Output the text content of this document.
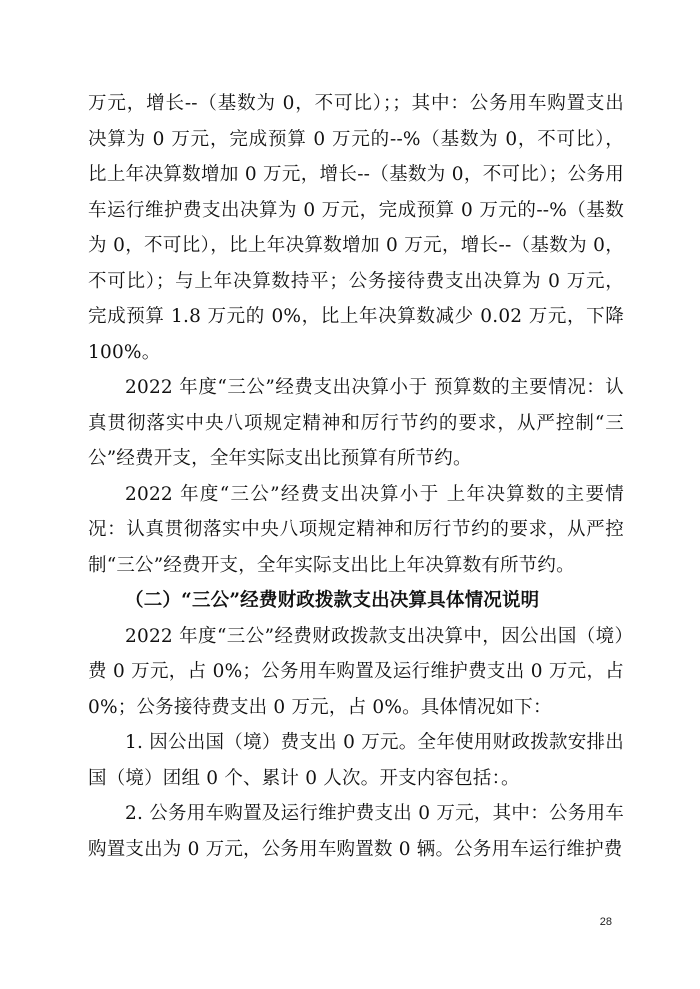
万元，增长--（基数为 0，不可比）；；其中：公务用车购置支出决算为 0 万元，完成预算 0 万元的--%（基数为 0，不可比），比上年决算数增加 0 万元，增长--（基数为 0，不可比）；公务用车运行维护费支出决算为 0 万元，完成预算 0 万元的--%（基数为 0，不可比），比上年决算数增加 0 万元，增长--（基数为 0，不可比）；与上年决算数持平；公务接待费支出决算为 0 万元，完成预算 1.8 万元的 0%，比上年决算数减少 0.02 万元，下降 100%。

2022 年度“三公”经费支出决算小于 预算数的主要情况：认真贯彻落实中央八项规定精神和厉行节约的要求，从严控制“三公”经费开支，全年实际支出比预算有所节约。

2022 年度“三公”经费支出决算小于 上年决算数的主要情况：认真贯彻落实中央八项规定精神和厉行节约的要求，从严控制“三公”经费开支，全年实际支出比上年决算数有所节约。

（二）“三公”经费财政拨款支出决算具体情况说明

2022 年度“三公”经费财政拨款支出决算中，因公出国（境）费 0 万元，占 0%；公务用车购置及运行维护费支出 0 万元，占 0%；公务接待费支出 0 万元，占 0%。具体情况如下：

1. 因公出国（境）费支出 0 万元。全年使用财政拨款安排出国（境）团组 0 个、累计 0 人次。开支内容包括：。

2. 公务用车购置及运行维护费支出 0 万元，其中：公务用车购置支出为 0 万元，公务用车购置数 0 辆。公务用车运行维护费

28
